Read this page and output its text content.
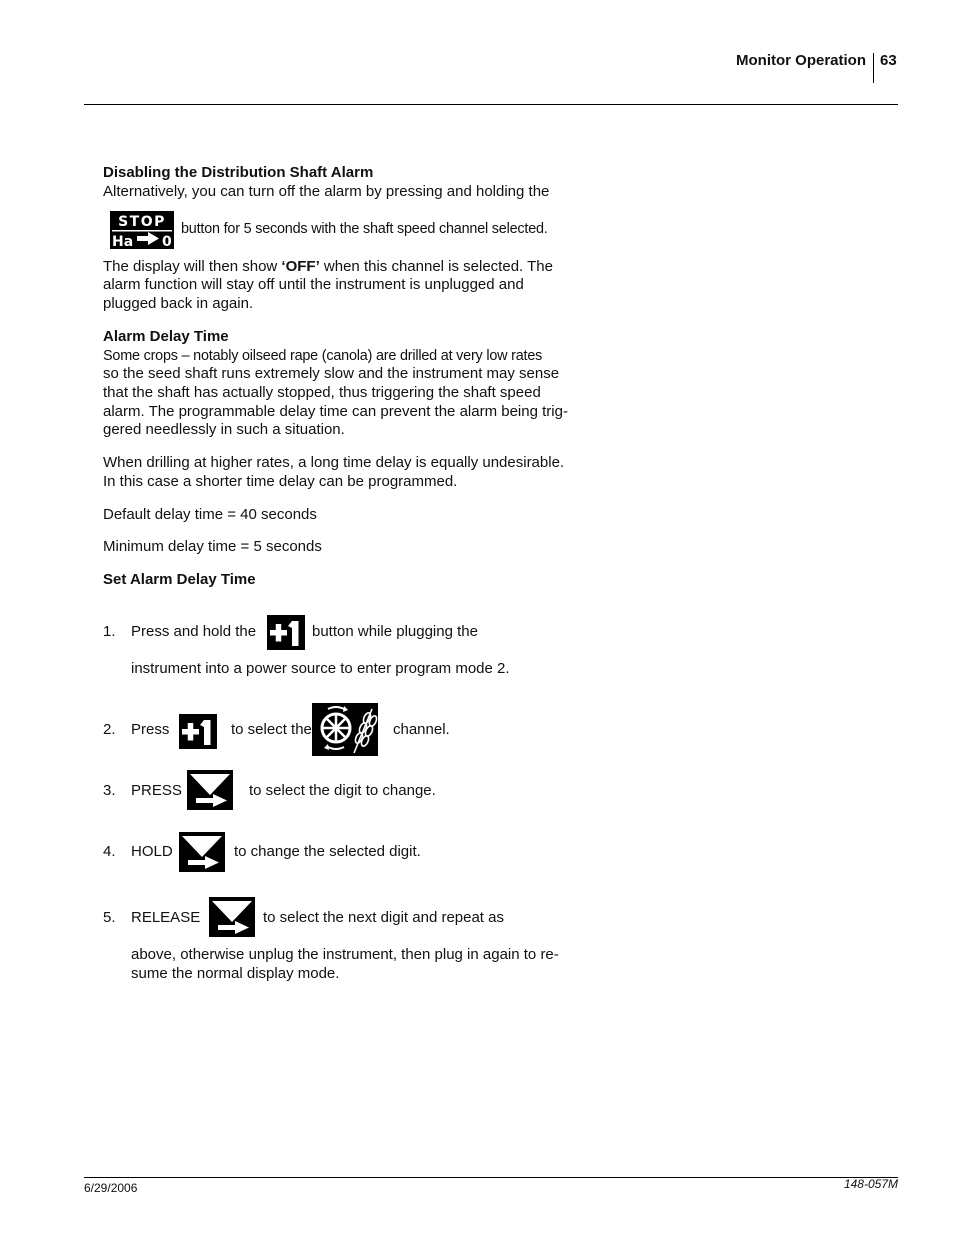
Monitor Operation 63
Disabling the Distribution Shaft Alarm
Alternatively, you can turn off the alarm by pressing and holding the
STOP
Ha 0
button for 5 seconds with the shaft speed channel selected.
The display will then show ‘OFF’ when this channel is selected. The
alarm function will stay off until the instrument is unplugged and
plugged back in again.
Alarm Delay Time
Some crops – notably oilseed rape (canola) are drilled at very low rates
so the seed shaft runs extremely slow and the instrument may sense
that the shaft has actually stopped, thus triggering the shaft speed
alarm. The programmable delay time can prevent the alarm being trig-
gered needlessly in such a situation.
When drilling at higher rates, a long time delay is equally undesirable.
In this case a shorter time delay can be programmed.
Default delay time = 40 seconds
Minimum delay time = 5 seconds
Set Alarm Delay Time
1. Press and hold the	button while plugging the
instrument into a power source to enter program mode 2.
2. Press	to select the	channel.
3. PRESS	to select the digit to change.
4. HOLD	to change the selected digit.
5. RELEASE	to select the next digit and repeat as
above, otherwise unplug the instrument, then plug in again to re-
sume the normal display mode.
6/29/2006	148-057M
